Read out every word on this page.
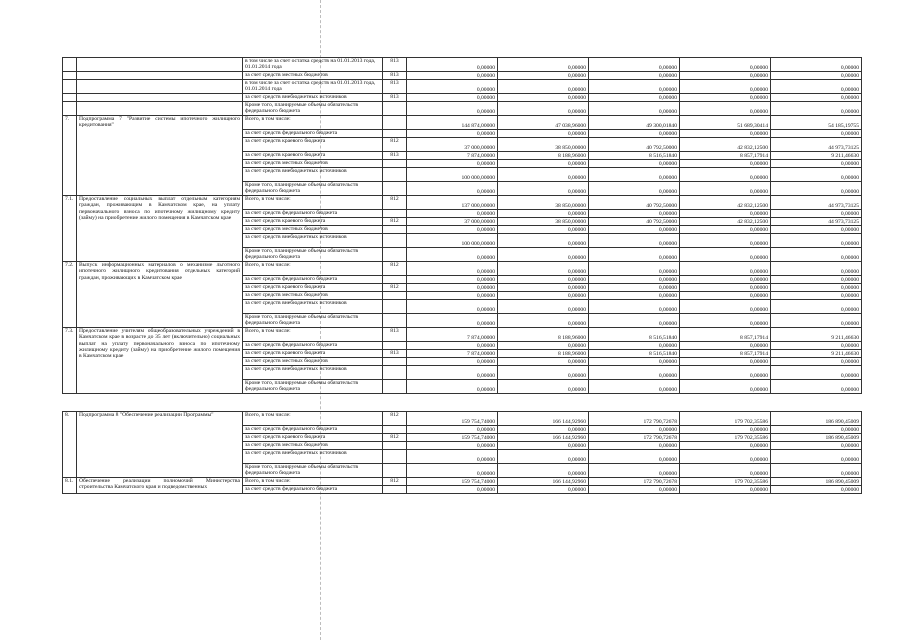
		в том числе за счет остатка средств на 01.01.2013 года, 01.01.2014 года	813	0,00000	0,00000	0,00000	0,00000	0,00000
		за счет средств местных бюджетов	813	0,00000	0,00000	0,00000	0,00000	0,00000
		в том числе за счет остатка средств на 01.01.2013 года, 01.01.2014 года	813	0,00000	0,00000	0,00000	0,00000	0,00000
		за счет средств внебюджетных источников	813	0,00000	0,00000	0,00000	0,00000	0,00000
		Кроме того, планируемые объемы обязательств федерального бюджета		0,00000	0,00000	0,00000	0,00000	0,00000
7.	Подпрограмма 7 "Развитие системы ипотечного жилищного кредитования"	Всего, в том числе:		144 874,00000	47 038,96000	49 300,01840	51 689,30414	54 185,19755
		за счет средств федерального бюджета		0,00000	0,00000	0,00000	0,00000	0,00000
		за счет средств краевого бюджета	812	37 000,00000	38 850,00000	40 792,50000	42 832,12500	44 973,73125
		за счет средств краевого бюджета	813	7 874,00000	8 188,96000	8 516,51840	8 857,17914	9 211,46630
		за счет средств местных бюджетов		0,00000	0,00000	0,00000	0,00000	0,00000
		за счет средств внебюджетных источников		100 000,00000	0,00000	0,00000	0,00000	0,00000
		Кроме того, планируемые объемы обязательств федерального бюджета		0,00000	0,00000	0,00000	0,00000	0,00000
7.1.	Предоставление социальных выплат отдельным категориям граждан, проживающим в Камчатском крае, на уплату первоначального взноса по ипотечному жилищному кредиту (займу) на приобретение жилого помещения в Камчатском крае	Всего, в том числе:	812	137 000,00000	38 850,00000	40 792,50000	42 832,12500	44 973,73125
		за счет средств федерального бюджета		0,00000	0,00000	0,00000	0,00000	0,00000
		за счет средств краевого бюджета	812	37 000,00000	38 850,00000	40 792,50000	42 832,12500	44 973,73125
		за счет средств местных бюджетов		0,00000	0,00000	0,00000	0,00000	0,00000
		за счет средств внебюджетных источников		100 000,00000	0,00000	0,00000	0,00000	0,00000
		Кроме того, планируемые объемы обязательств федерального бюджета		0,00000	0,00000	0,00000	0,00000	0,00000
7.2.	Выпуск информационных материалов о механизме льготного ипотечного жилищного кредитования отдельных категорий граждан, проживающих в Камчатском крае	Всего, в том числе:	812	0,00000	0,00000	0,00000	0,00000	0,00000
		за счет средств федерального бюджета		0,00000	0,00000	0,00000	0,00000	0,00000
		за счет средств краевого бюджета	812	0,00000	0,00000	0,00000	0,00000	0,00000
		за счет средств местных бюджетов		0,00000	0,00000	0,00000	0,00000	0,00000
		за счет средств внебюджетных источников		0,00000	0,00000	0,00000	0,00000	0,00000
		Кроме того, планируемые объемы обязательств федерального бюджета		0,00000	0,00000	0,00000	0,00000	0,00000
7.3.	Предоставление учителям общеобразовательных учреждений в Камчатском крае в возрасте до 35 лет (включительно) социальных выплат на уплату первоначального взноса по ипотечному жилищному кредиту (займу) на приобретение жилого помещения в Камчатском крае	Всего, в том числе:	813	7 874,00000	8 188,96000	8 516,51840	8 857,17914	9 211,46630
		за счет средств федерального бюджета		0,00000	0,00000	0,00000	0,00000	0,00000
		за счет средств краевого бюджета	813	7 874,00000	8 188,96000	8 516,51840	8 857,17914	9 211,46630
		за счет средств местных бюджетов		0,00000	0,00000	0,00000	0,00000	0,00000
		за счет средств внебюджетных источников		0,00000	0,00000	0,00000	0,00000	0,00000
		Кроме того, планируемые объемы обязательств федерального бюджета		0,00000	0,00000	0,00000	0,00000	0,00000

8.	Подпрограмма 8 "Обеспечение реализации Программы"	Всего, в том числе:	812	159 754,74000	166 144,92960	172 790,72678	179 702,35586	186 890,45009
		за счет средств федерального бюджета		0,00000	0,00000	0,00000	0,00000	0,00000
		за счет средств краевого бюджета	812	159 754,74000	166 144,92960	172 790,72678	179 702,35586	186 890,45009
		за счет средств местных бюджетов		0,00000	0,00000	0,00000	0,00000	0,00000
		за счет средств внебюджетных источников		0,00000	0,00000	0,00000	0,00000	0,00000
		Кроме того, планируемые объемы обязательств федерального бюджета		0,00000	0,00000	0,00000	0,00000	0,00000
8.1.	Обеспечение реализации полномочий Министерства строительства Камчатского края и подведомственных	Всего, в том числе:	812	159 754,74000	166 144,92960	172 790,72678	179 702,35586	186 890,45009
		за счет средств федерального бюджета		0,00000	0,00000	0,00000	0,00000	0,00000
